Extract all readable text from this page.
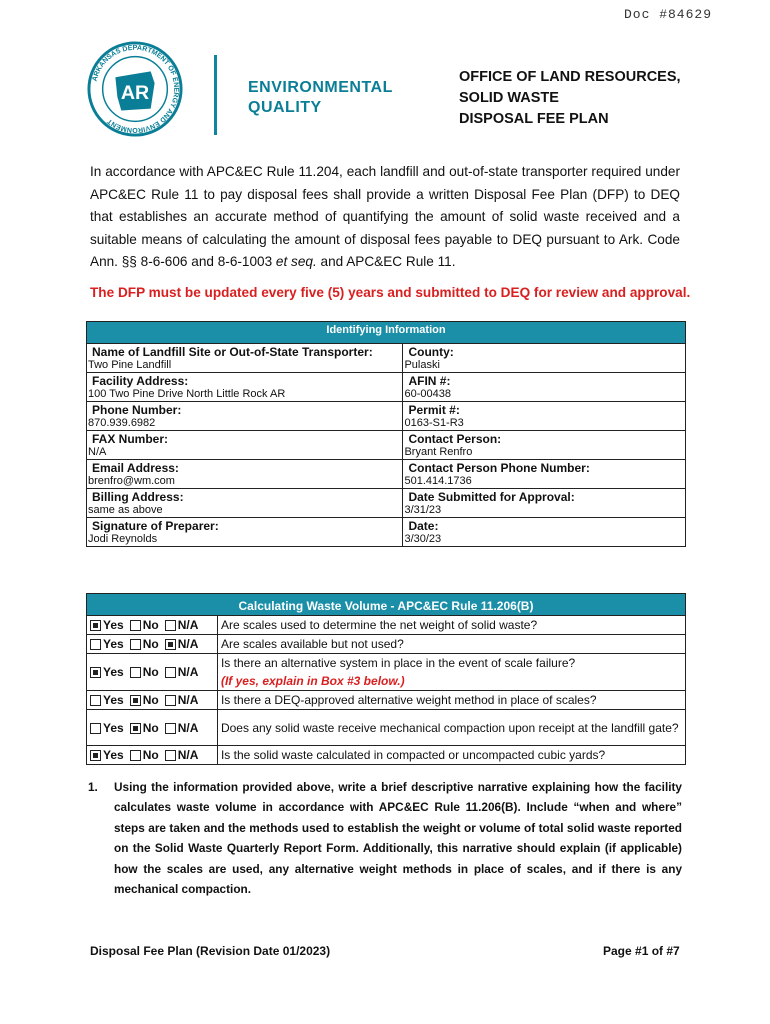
Doc #84629
ARKANSAS DEPARTMENT OF ENERGY AND ENVIRONMENT
AR	ENVIRONMENTAL
QUALITY
OFFICE OF LAND RESOURCES,
SOLID WASTE
DISPOSAL FEE PLAN
In accordance with APC&EC Rule 11.204, each landfill and out-of-state transporter required under APC&EC Rule 11 to pay disposal fees shall provide a written Disposal Fee Plan (DFP) to DEQ that establishes an accurate method of quantifying the amount of solid waste received and a suitable means of calculating the amount of disposal fees payable to DEQ pursuant to Ark. Code Ann. §§ 8-6-606 and 8-6-1003 et seq. and APC&EC Rule 11.
The DFP must be updated every five (5) years and submitted to DEQ for review and approval.
Identifying Information	

Name of Landfill Site or Out-of-State Transporter:	County:
Two Pine Landfill	Pulaski
Facility Address:	AFIN #:
100 Two Pine Drive North Little Rock AR	60-00438
Phone Number:	Permit #:
870.939.6982	0163-S1-R3
FAX Number:	Contact Person:
N/A	Bryant Renfro
Email Address:	Contact Person Phone Number:
brenfro@wm.com	501.414.1736
Billing Address:	Date Submitted for Approval:
same as above	3/31/23
Signature of Preparer:	Date:
Jodi Reynolds	3/30/23
Calculating Waste Volume - APC&EC Rule 11.206(B)	

Yes No N/A	Are scales used to determine the net weight of solid waste?

Yes No N/A	Are scales available but not used?

Yes No N/A	Is there an alternative system in place in the event of scale failure?
(If yes, explain in Box #3 below.)

Yes No N/A	Is there a DEQ-approved alternative weight method in place of scales?

Yes No N/A	Does any solid waste receive mechanical compaction upon receipt at the landfill gate?

Yes No N/A	Is the solid waste calculated in compacted or uncompacted cubic yards?
1. Using the information provided above, write a brief descriptive narrative explaining how the facility calculates waste volume in accordance with APC&EC Rule 11.206(B). Include “when and where” steps are taken and the methods used to establish the weight or volume of total solid waste reported on the Solid Waste Quarterly Report Form. Additionally, this narrative should explain (if applicable) how the scales are used, any alternative weight methods in place of scales, and if there is any mechanical compaction.

Disposal Fee Plan (Revision Date 01/2023)	Page #1 of #7
